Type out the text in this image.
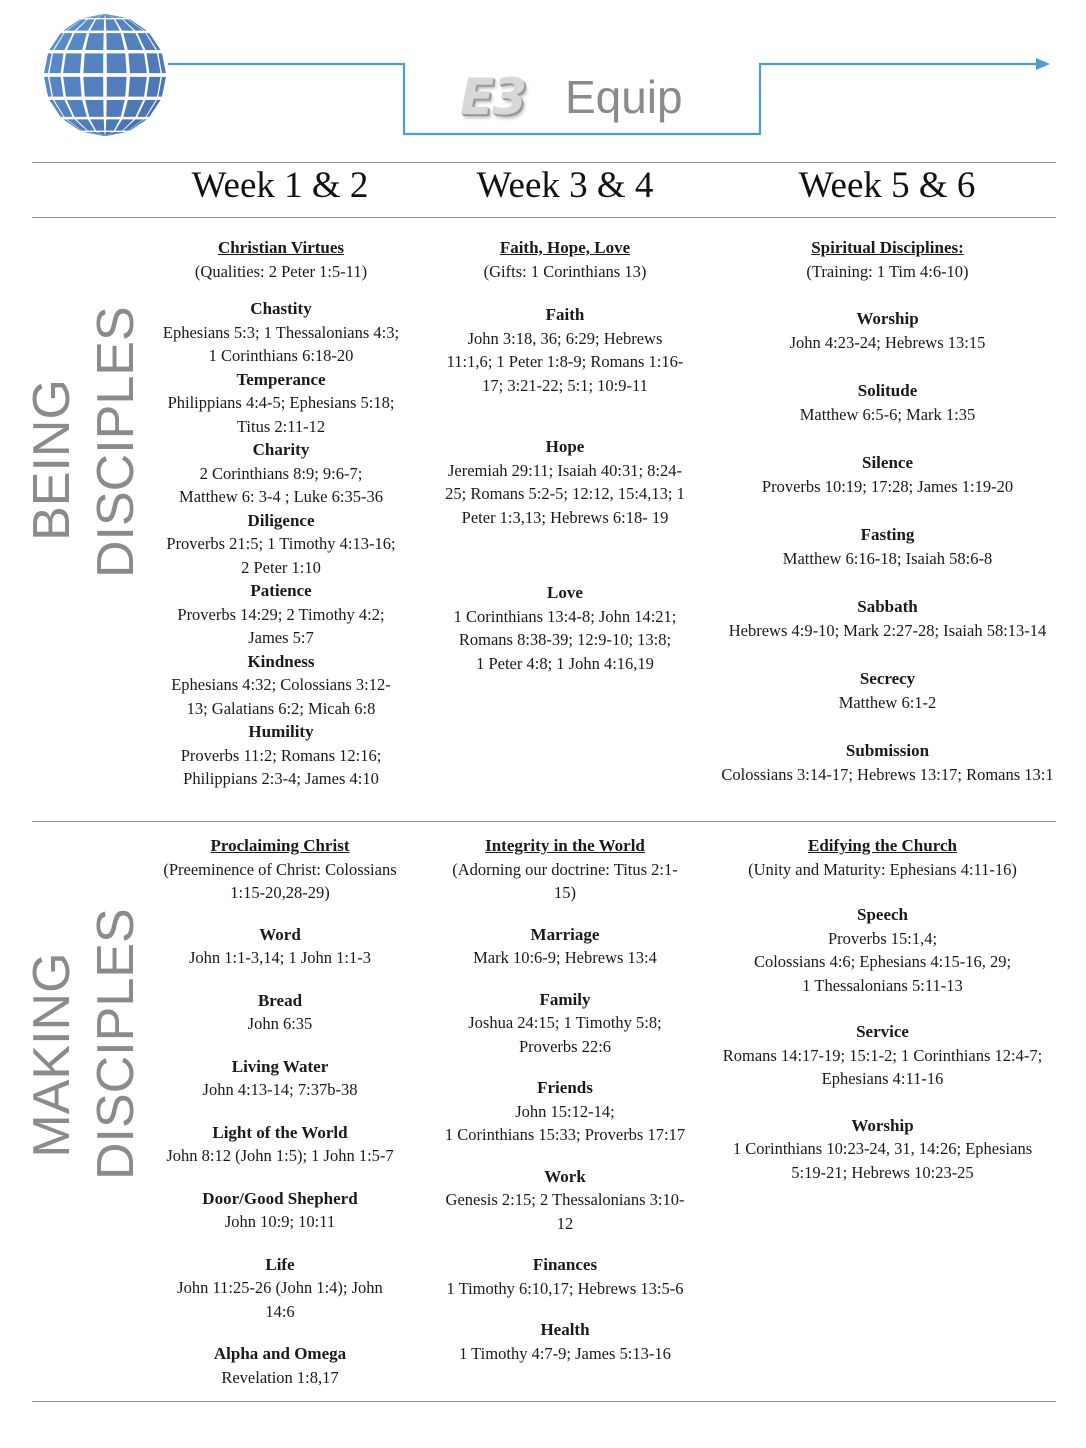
E3 Equip
Week 1 & 2	Week 3 & 4	Week 5 & 6
BEING DISCIPLES
MAKING DISCIPLES
Christian Virtues
(Qualities: 2 Peter 1:5-11)
Chastity
Ephesians 5:3; 1 Thessalonians 4:3;
1 Corinthians 6:18-20
Temperance
Philippians 4:4-5; Ephesians 5:18;
Titus 2:11-12
Charity
2 Corinthians 8:9; 9:6-7;
Matthew 6: 3-4 ; Luke 6:35-36
Diligence
Proverbs 21:5; 1 Timothy 4:13-16;
2 Peter 1:10
Patience
Proverbs 14:29; 2 Timothy 4:2;
James 5:7
Kindness
Ephesians 4:32; Colossians 3:12-
13; Galatians 6:2; Micah 6:8
Humility
Proverbs 11:2; Romans 12:16;
Philippians 2:3-4; James 4:10
Faith, Hope, Love
(Gifts: 1 Corinthians 13)
Faith
John 3:18, 36; 6:29; Hebrews
11:1,6; 1 Peter 1:8-9; Romans 1:16-
17; 3:21-22; 5:1; 10:9-11
Hope
Jeremiah 29:11; Isaiah 40:31; 8:24-
25; Romans 5:2-5; 12:12, 15:4,13; 1
Peter 1:3,13; Hebrews 6:18- 19
Love
1 Corinthians 13:4-8; John 14:21;
Romans 8:38-39; 12:9-10; 13:8;
1 Peter 4:8; 1 John 4:16,19
Spiritual Disciplines:
(Training: 1 Tim 4:6-10)
Worship
John 4:23-24; Hebrews 13:15
Solitude
Matthew 6:5-6; Mark 1:35
Silence
Proverbs 10:19; 17:28; James 1:19-20
Fasting
Matthew 6:16-18; Isaiah 58:6-8
Sabbath
Hebrews 4:9-10; Mark 2:27-28; Isaiah 58:13-14
Secrecy
Matthew 6:1-2
Submission
Colossians 3:14-17; Hebrews 13:17; Romans 13:1
Proclaiming Christ
(Preeminence of Christ: Colossians
1:15-20,28-29)
Word
John 1:1-3,14; 1 John 1:1-3
Bread
John 6:35
Living Water
John 4:13-14; 7:37b-38
Light of the World
John 8:12 (John 1:5); 1 John 1:5-7
Door/Good Shepherd
John 10:9; 10:11
Life
John 11:25-26 (John 1:4); John
14:6
Alpha and Omega
Revelation 1:8,17
Integrity in the World
(Adorning our doctrine: Titus 2:1-
15)
Marriage
Mark 10:6-9; Hebrews 13:4
Family
Joshua 24:15; 1 Timothy 5:8;
Proverbs 22:6
Friends
John 15:12-14;
1 Corinthians 15:33; Proverbs 17:17
Work
Genesis 2:15; 2 Thessalonians 3:10-
12
Finances
1 Timothy 6:10,17; Hebrews 13:5-6
Health
1 Timothy 4:7-9; James 5:13-16
Edifying the Church
(Unity and Maturity: Ephesians 4:11-16)
Speech
Proverbs 15:1,4;
Colossians 4:6; Ephesians 4:15-16, 29;
1 Thessalonians 5:11-13
Service
Romans 14:17-19; 15:1-2; 1 Corinthians 12:4-7;
Ephesians 4:11-16
Worship
1 Corinthians 10:23-24, 31, 14:26; Ephesians
5:19-21; Hebrews 10:23-25
